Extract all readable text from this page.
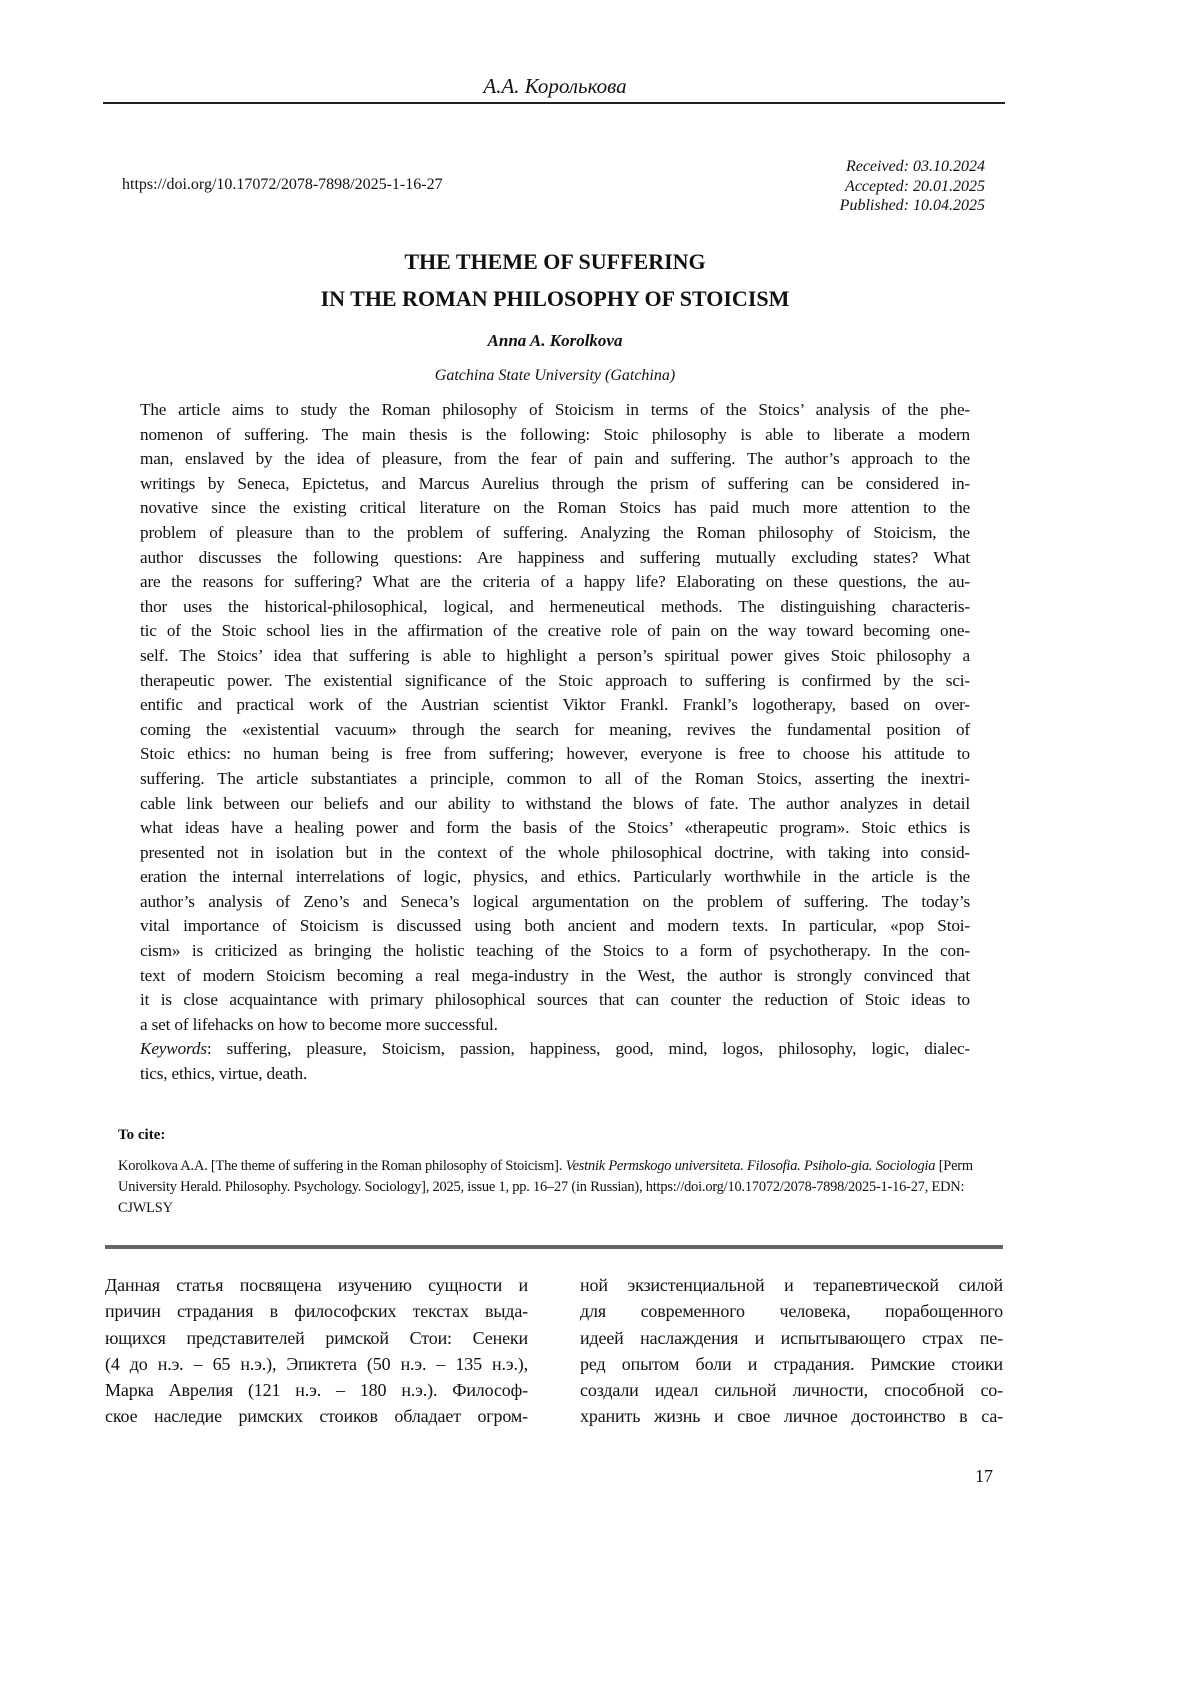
А.А. Королькова
https://doi.org/10.17072/2078-7898/2025-1-16-27
Received: 03.10.2024
Accepted: 20.01.2025
Published: 10.04.2025
THE THEME OF SUFFERING
IN THE ROMAN PHILOSOPHY OF STOICISM
Anna A. Korolkova
Gatchina State University (Gatchina)
The article aims to study the Roman philosophy of Stoicism in terms of the Stoics’ analysis of the phe-
nomenon of suffering. The main thesis is the following: Stoic philosophy is able to liberate a modern
man, enslaved by the idea of pleasure, from the fear of pain and suffering. The author’s approach to the
writings by Seneca, Epictetus, and Marcus Aurelius through the prism of suffering can be considered in-
novative since the existing critical literature on the Roman Stoics has paid much more attention to the
problem of pleasure than to the problem of suffering. Analyzing the Roman philosophy of Stoicism, the
author discusses the following questions: Are happiness and suffering mutually excluding states? What
are the reasons for suffering? What are the criteria of a happy life? Elaborating on these questions, the au-
thor uses the historical-philosophical, logical, and hermeneutical methods. The distinguishing characteris-
tic of the Stoic school lies in the affirmation of the creative role of pain on the way toward becoming one-
self. The Stoics’ idea that suffering is able to highlight a person’s spiritual power gives Stoic philosophy a
therapeutic power. The existential significance of the Stoic approach to suffering is confirmed by the sci-
entific and practical work of the Austrian scientist Viktor Frankl. Frankl’s logotherapy, based on over-
coming the «existential vacuum» through the search for meaning, revives the fundamental position of
Stoic ethics: no human being is free from suffering; however, everyone is free to choose his attitude to
suffering. The article substantiates a principle, common to all of the Roman Stoics, asserting the inextri-
cable link between our beliefs and our ability to withstand the blows of fate. The author analyzes in detail
what ideas have a healing power and form the basis of the Stoics’ «therapeutic program». Stoic ethics is
presented not in isolation but in the context of the whole philosophical doctrine, with taking into consid-
eration the internal interrelations of logic, physics, and ethics. Particularly worthwhile in the article is the
author’s analysis of Zeno’s and Seneca’s logical argumentation on the problem of suffering. The today’s
vital importance of Stoicism is discussed using both ancient and modern texts. In particular, «pop Stoi-
cism» is criticized as bringing the holistic teaching of the Stoics to a form of psychotherapy. In the con-
text of modern Stoicism becoming a real mega-industry in the West, the author is strongly convinced that
it is close acquaintance with primary philosophical sources that can counter the reduction of Stoic ideas to
a set of lifehacks on how to become more successful.
Keywords: suffering, pleasure, Stoicism, passion, happiness, good, mind, logos, philosophy, logic, dialec-
tics, ethics, virtue, death.
To cite:
Korolkova A.A. [The theme of suffering in the Roman philosophy of Stoicism]. Vestnik Permskogo universiteta. Filosofia. Psiholo-gia. Sociologia [Perm University Herald. Philosophy. Psychology. Sociology], 2025, issue 1, pp. 16–27 (in Russian), https://doi.org/10.17072/2078-7898/2025-1-16-27, EDN: CJWLSY
Данная статья посвящена изучению сущности и
причин страдания в философских текстах выда-
ющихся представителей римской Стои: Сенеки
(4 до н.э. – 65 н.э.), Эпиктета (50 н.э. – 135 н.э.),
Марка Аврелия (121 н.э. – 180 н.э.). Философ-
ское наследие римских стоиков обладает огром-
ной экзистенциальной и терапевтической силой
для современного человека, порабощенного
идеей наслаждения и испытывающего страх пе-
ред опытом боли и страдания. Римские стоики
создали идеал сильной личности, способной со-
хранить жизнь и свое личное достоинство в са-
17
